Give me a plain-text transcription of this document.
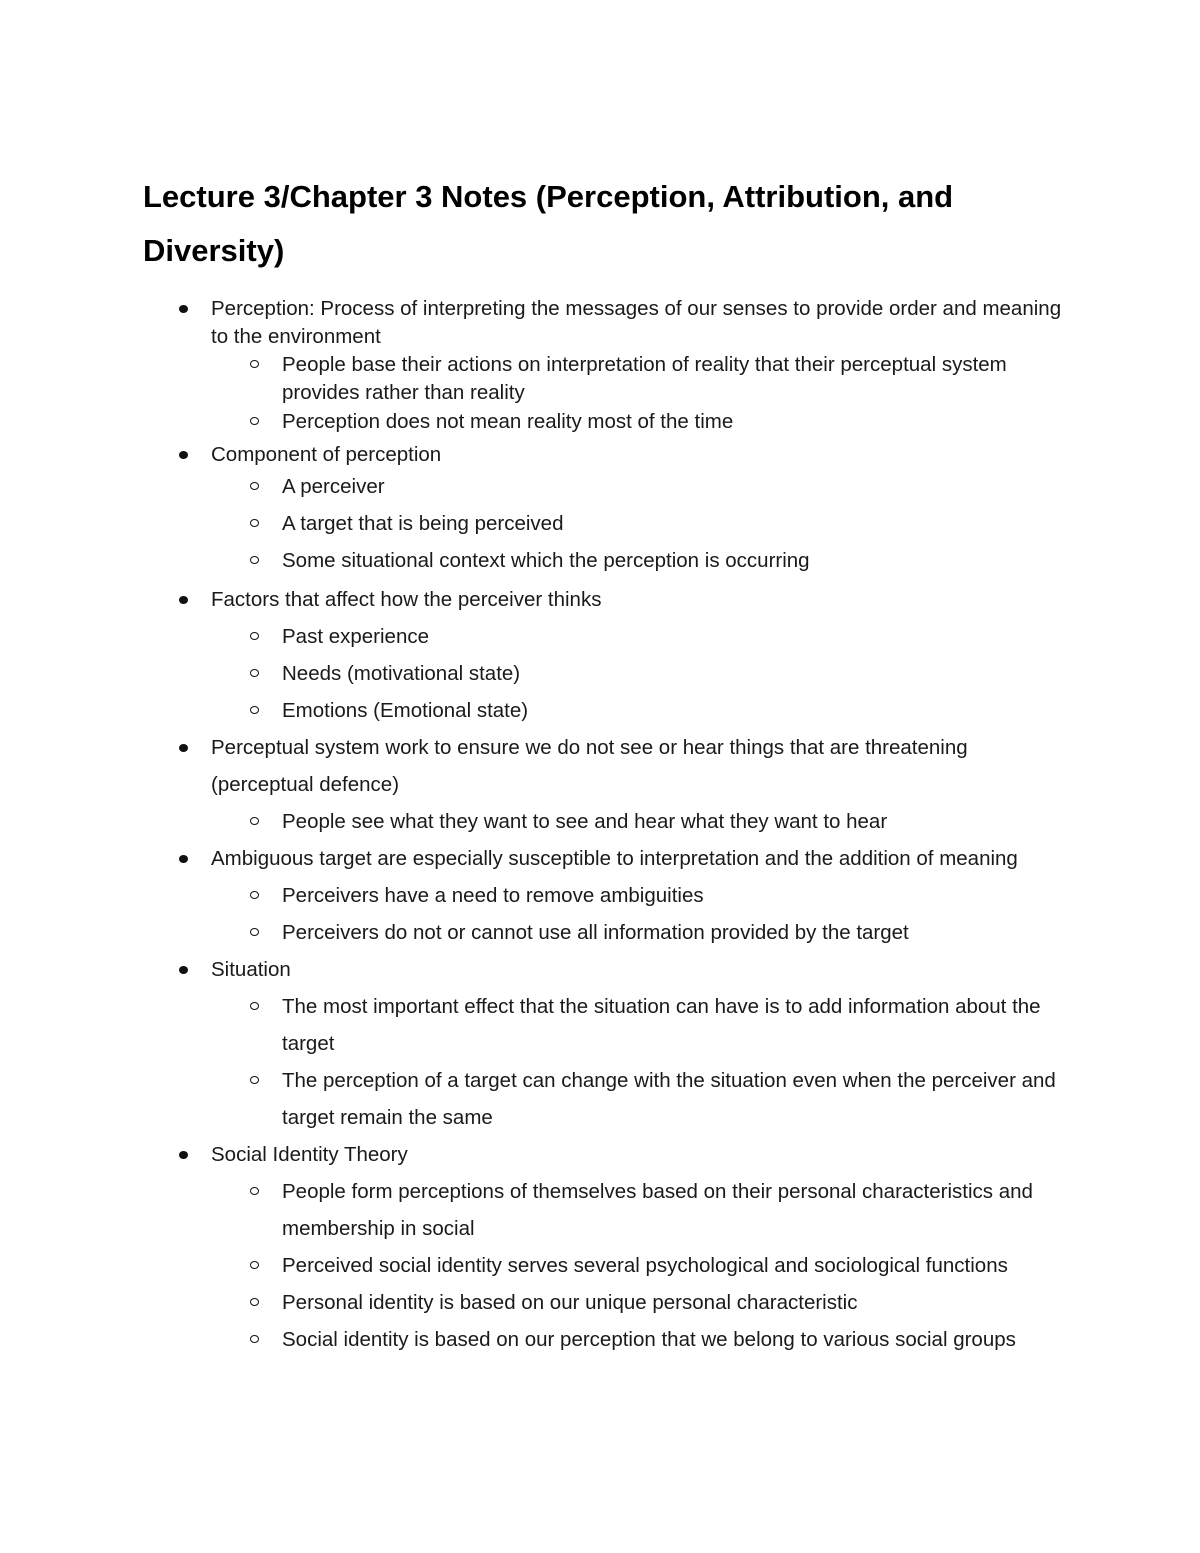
Lecture 3/Chapter 3 Notes (Perception, Attribution, and Diversity)
Perception: Process of interpreting the messages of our senses to provide order and meaning to the environment
People base their actions on interpretation of reality that their perceptual system provides rather than reality
Perception does not mean reality most of the time
Component of perception
A perceiver
A target that is being perceived
Some situational context which the perception is occurring
Factors that affect how the perceiver thinks
Past experience
Needs (motivational state)
Emotions (Emotional state)
Perceptual system work to ensure we do not see or hear things that are threatening (perceptual defence)
People see what they want to see and hear what they want to hear
Ambiguous target are especially susceptible to interpretation and the addition of meaning
Perceivers have a need to remove ambiguities
Perceivers do not or cannot use all information provided by the target
Situation
The most important effect that the situation can have is to add information about the target
The perception of a target can change with the situation even when the perceiver and target remain the same
Social Identity Theory
People form perceptions of themselves based on their personal characteristics and membership in social
Perceived social identity serves several psychological and sociological functions
Personal identity is based on our unique personal characteristic
Social identity is based on our perception that we belong to various social groups
